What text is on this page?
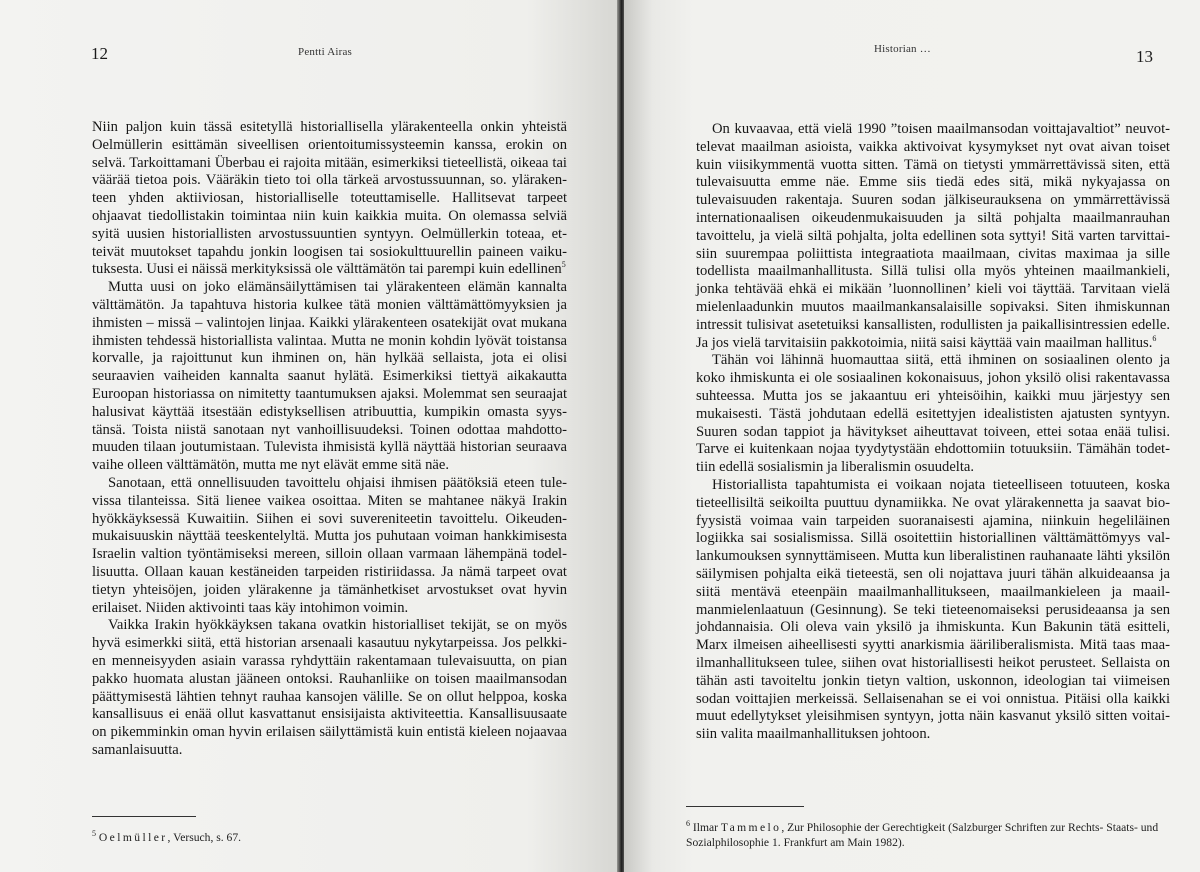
12	Pentti Airas

Niin paljon kuin tässä esitetyllä historiallisella ylärakenteella onkin yhteistä Oelmüllerin esittämän siveellisen orientoitumissysteemin kanssa, erokin on selvä. Tarkoittamani Überbau ei rajoita mitään, esimerkiksi tieteellistä, oikeaa tai väärää tietoa pois. Vääräkin tieto toi olla tärkeä arvostussuunnan, so. ylärakenteen yhden aktiiviosan, historialliselle toteuttamiselle. Hallitsevat tarpeet ohjaavat tiedollistakin toimintaa niin kuin kaikkia muita. On olemassa selviä syitä uusien historiallisten arvostussuuntien syntyyn. Oelmüllerkin toteaa, etteivät muutokset tapahdu jonkin loogisen tai sosiokulttuurellin paineen vaikutuksesta. Uusi ei näissä merkityksissä ole välttämätön tai parempi kuin edellinen$^5$

Mutta uusi on joko elämänsäilyttämisen tai ylärakenteen elämän kannalta välttämätön. Ja tapahtuva historia kulkee tätä monien välttämättömyyksien ja ihmisten – missä – valintojen linjaa. Kaikki ylärakenteen osatekijät ovat mukana ihmisten tehdessä historiallista valintaa. Mutta ne monin kohdin lyövät toistansa korvalle, ja rajoittunut kun ihminen on, hän hylkää sellaista, jota ei olisi seuraavien vaiheiden kannalta saanut hylätä. Esimerkiksi tiettyä aikakautta Euroopan historiassa on nimitetty taantumuksen ajaksi. Molemmat sen seuraajat halusivat käyttää itsestään edistyksellisen atribuuttia, kumpikin omasta syystänsä. Toista niistä sanotaan nyt vanhoillisuudeksi. Toinen odottaa mahdottomuuden tilaan joutumistaan. Tulevista ihmisistä kyllä näyttää historian seuraava vaihe olleen välttämätön, mutta me nyt elävät emme sitä näe.

Sanotaan, että onnellisuuden tavoittelu ohjaisi ihmisen päätöksiä eteen tulevissa tilanteissa. Sitä lienee vaikea osoittaa. Miten se mahtanee näkyä Irakin hyökkäyksessä Kuwaitiin. Siihen ei sovi suvereniteetin tavoittelu. Oikeudenmukaisuuskin näyttää teeskentelyltä. Mutta jos puhutaan voiman hankkimisesta Israelin valtion työntämiseksi mereen, silloin ollaan varmaan lähempänä todellisuutta. Ollaan kauan kestäneiden tarpeiden ristiriidassa. Ja nämä tarpeet ovat tietyn yhteisöjen, joiden ylärakenne ja tämänhetkiset arvostukset ovat hyvin erilaiset. Niiden aktivointi taas käy intohimon voimin.

Vaikka Irakin hyökkäyksen takana ovatkin historialliset tekijät, se on myös hyvä esimerkki siitä, että historian arsenaali kasautuu nykytarpeissa. Jos pelkkien menneisyyden asiain varassa ryhdyttäin rakentamaan tulevaisuutta, on pian pakko huomata alustan jääneen ontoksi. Rauhanliike on toisen maailmansodan päättymisestä lähtien tehnyt rauhaa kansojen välille. Se on ollut helppoa, koska kansallisuus ei enää ollut kasvattanut ensisijaista aktiviteettia. Kansallisuusaate on pikemminkin oman hyvin erilaisen säilyttämistä kuin entistä kieleen nojaavaa samanlaisuutta.

$^5$ Oelmüller, Versuch, s. 67.
Historian …	13

On kuvaavaa, että vielä 1990 ”toisen maailmansodan voittajavaltiot” neuvottelevat maailman asioista, vaikka aktivoivat kysymykset nyt ovat aivan toiset kuin viisikymmentä vuotta sitten. Tämä on tietysti ymmärrettävissä siten, että tulevaisuutta emme näe. Emme siis tiedä edes sitä, mikä nykyajassa on tulevaisuuden rakentaja. Suuren sodan jälkiseurauksena on ymmärrettävissä internationaalisen oikeudenmukaisuuden ja siltä pohjalta maailmanrauhan tavoittelu, ja vielä siltä pohjalta, jolta edellinen sota syttyi! Sitä varten tarvittaisiin suurempaa poliittista integraatiota maailmaan, civitas maximaa ja sille todellista maailmanhallitusta. Sillä tulisi olla myös yhteinen maailmankieli, jonka tehtävää ehkä ei mikään ’luonnollinen’ kieli voi täyttää. Tarvitaan vielä mielenlaadunkin muutos maailmankansalaisille sopivaksi. Siten ihmiskunnan intressit tulisivat asetetuiksi kansallisten, rodullisten ja paikallisintressien edelle. Ja jos vielä tarvitaisiin pakkotoimia, niitä saisi käyttää vain maailman hallitus.$^6$

Tähän voi lähinnä huomauttaa siitä, että ihminen on sosiaalinen olento ja koko ihmiskunta ei ole sosiaalinen kokonaisuus, johon yksilö olisi rakentavassa suhteessa. Mutta jos se jakaantuu eri yhteisöihin, kaikki muu järjestyy sen mukaisesti. Tästä johdutaan edellä esitettyjen idealististen ajatusten syntyyn. Suuren sodan tappiot ja hävitykset aiheuttavat toiveen, ettei sotaa enää tulisi. Tarve ei kuitenkaan nojaa tyydytystään ehdottomiin totuuksiin. Tämähän todettiin edellä sosialismin ja liberalismin osuudelta.

Historiallista tapahtumista ei voikaan nojata tieteelliseen totuuteen, koska tieteellisiltä seikoilta puuttuu dynamiikka. Ne ovat ylärakennetta ja saavat biofyysistä voimaa vain tarpeiden suoranaisesti ajamina, niinkuin hegeliläinen logiikka sai sosialismissa. Sillä osoitettiin historiallinen välttämättömyys vallankumouksen synnyttämiseen. Mutta kun liberalistinen rauhanaate lähti yksilön säilymisen pohjalta eikä tieteestä, sen oli nojattava juuri tähän alkuideaansa ja siitä mentävä eteenpäin maailmanhallitukseen, maailmankieleen ja maailmanmielenlaatuun (Gesinnung). Se teki tieteenomaiseksi perusideaansa ja sen johdannaisia. Oli oleva vain yksilö ja ihmiskunta. Kun Bakunin tätä esitteli, Marx ilmeisen aiheellisesti syytti anarkismia ääriliberalismista. Mitä taas maailmanhallitukseen tulee, siihen ovat historiallisesti heikot perusteet. Sellaista on tähän asti tavoiteltu jonkin tietyn valtion, uskonnon, ideologian tai viimeisen sodan voittajien merkeissä. Sellaisenahan se ei voi onnistua. Pitäisi olla kaikki muut edellytykset yleisihmisen syntyyn, jotta näin kasvanut yksilö sitten voitaisiin valita maailmanhallituksen johtoon.

$^6$ Ilmar Tammelo, Zur Philosophie der Gerechtigkeit (Salzburger Schriften zur Rechts- Staats- und Sozialphilosophie 1. Frankfurt am Main 1982).
